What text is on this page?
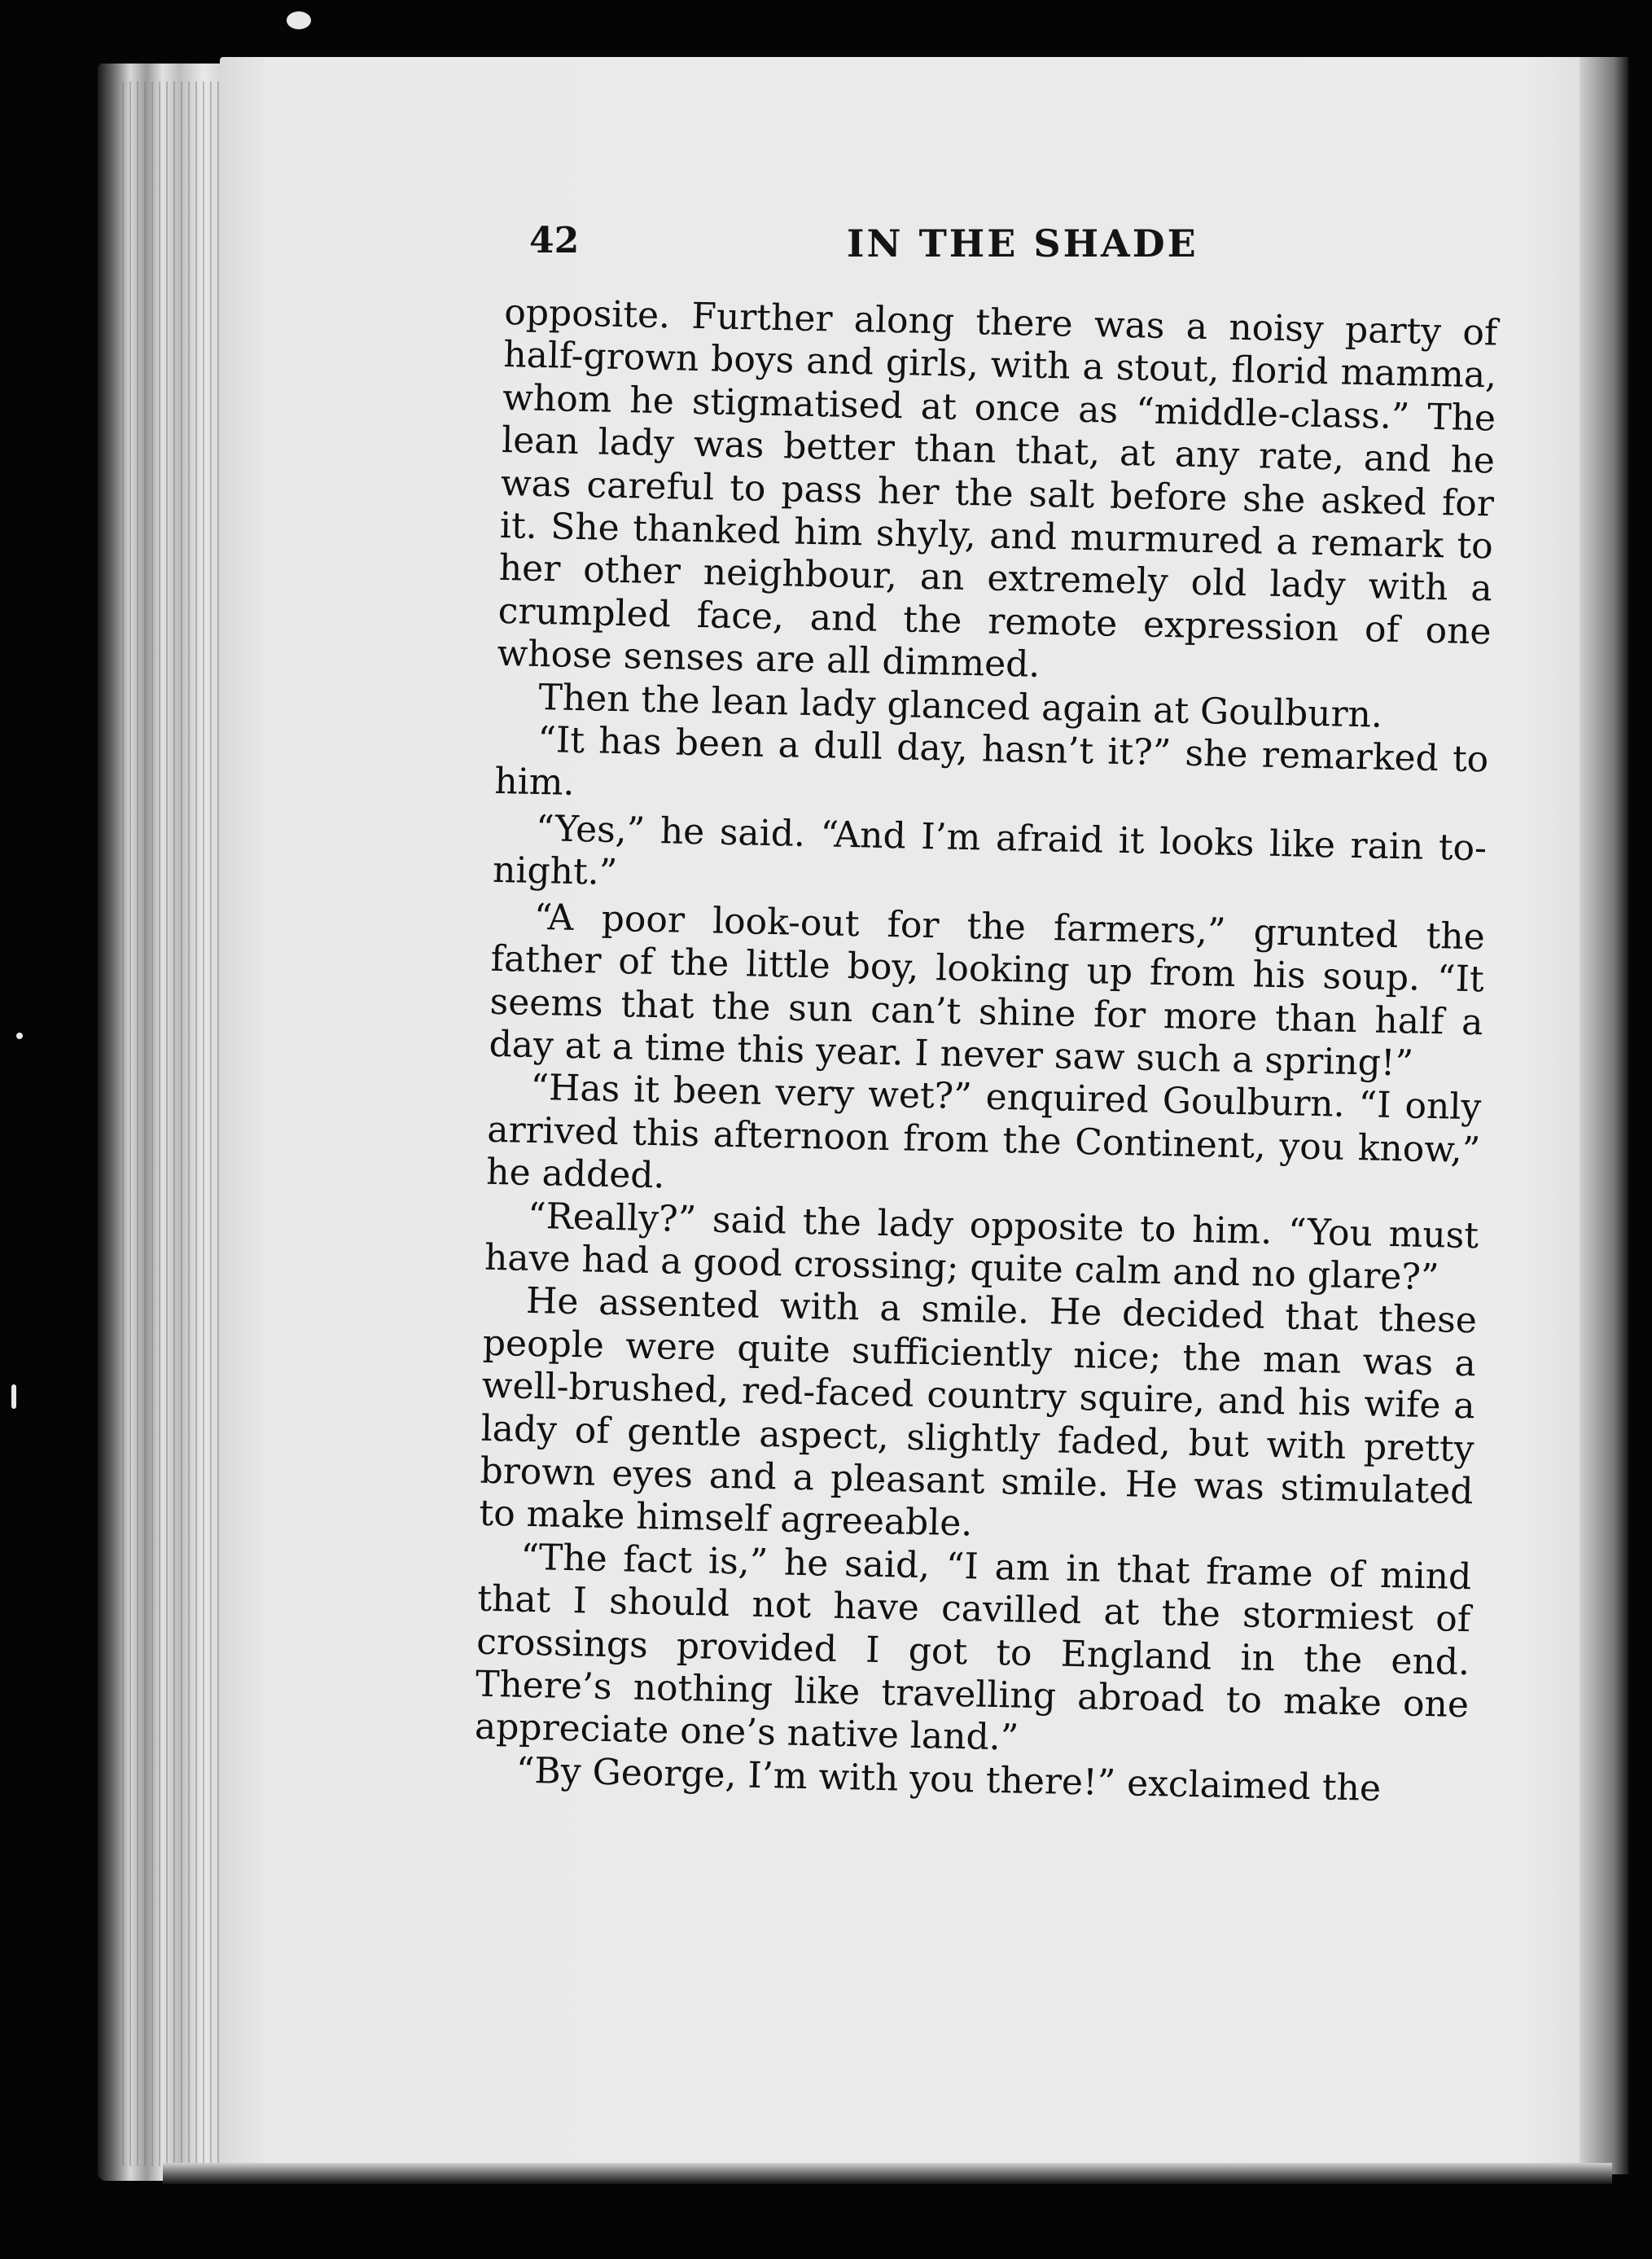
42	IN THE SHADE

opposite. Further along there was a noisy party of half-grown boys and girls, with a stout, florid mamma, whom he stigmatised at once as “middle-class.” The lean lady was better than that, at any rate, and he was careful to pass her the salt before she asked for it. She thanked him shyly, and murmured a remark to her other neighbour, an extremely old lady with a crumpled face, and the remote expression of one whose senses are all dimmed.

Then the lean lady glanced again at Goulburn.

“It has been a dull day, hasn’t it?” she remarked to him.

“Yes,” he said. “And I’m afraid it looks like rain to-night.”

“A poor look-out for the farmers,” grunted the father of the little boy, looking up from his soup. “It seems that the sun can’t shine for more than half a day at a time this year. I never saw such a spring!”

“Has it been very wet?” enquired Goulburn. “I only arrived this afternoon from the Continent, you know,” he added.

“Really?” said the lady opposite to him. “You must have had a good crossing; quite calm and no glare?”

He assented with a smile. He decided that these people were quite sufficiently nice; the man was a well-brushed, red-faced country squire, and his wife a lady of gentle aspect, slightly faded, but with pretty brown eyes and a pleasant smile. He was stimulated to make himself agreeable.

“The fact is,” he said, “I am in that frame of mind that I should not have cavilled at the stormiest of crossings provided I got to England in the end. There’s nothing like travelling abroad to make one appreciate one’s native land.”

“By George, I’m with you there!” exclaimed the
